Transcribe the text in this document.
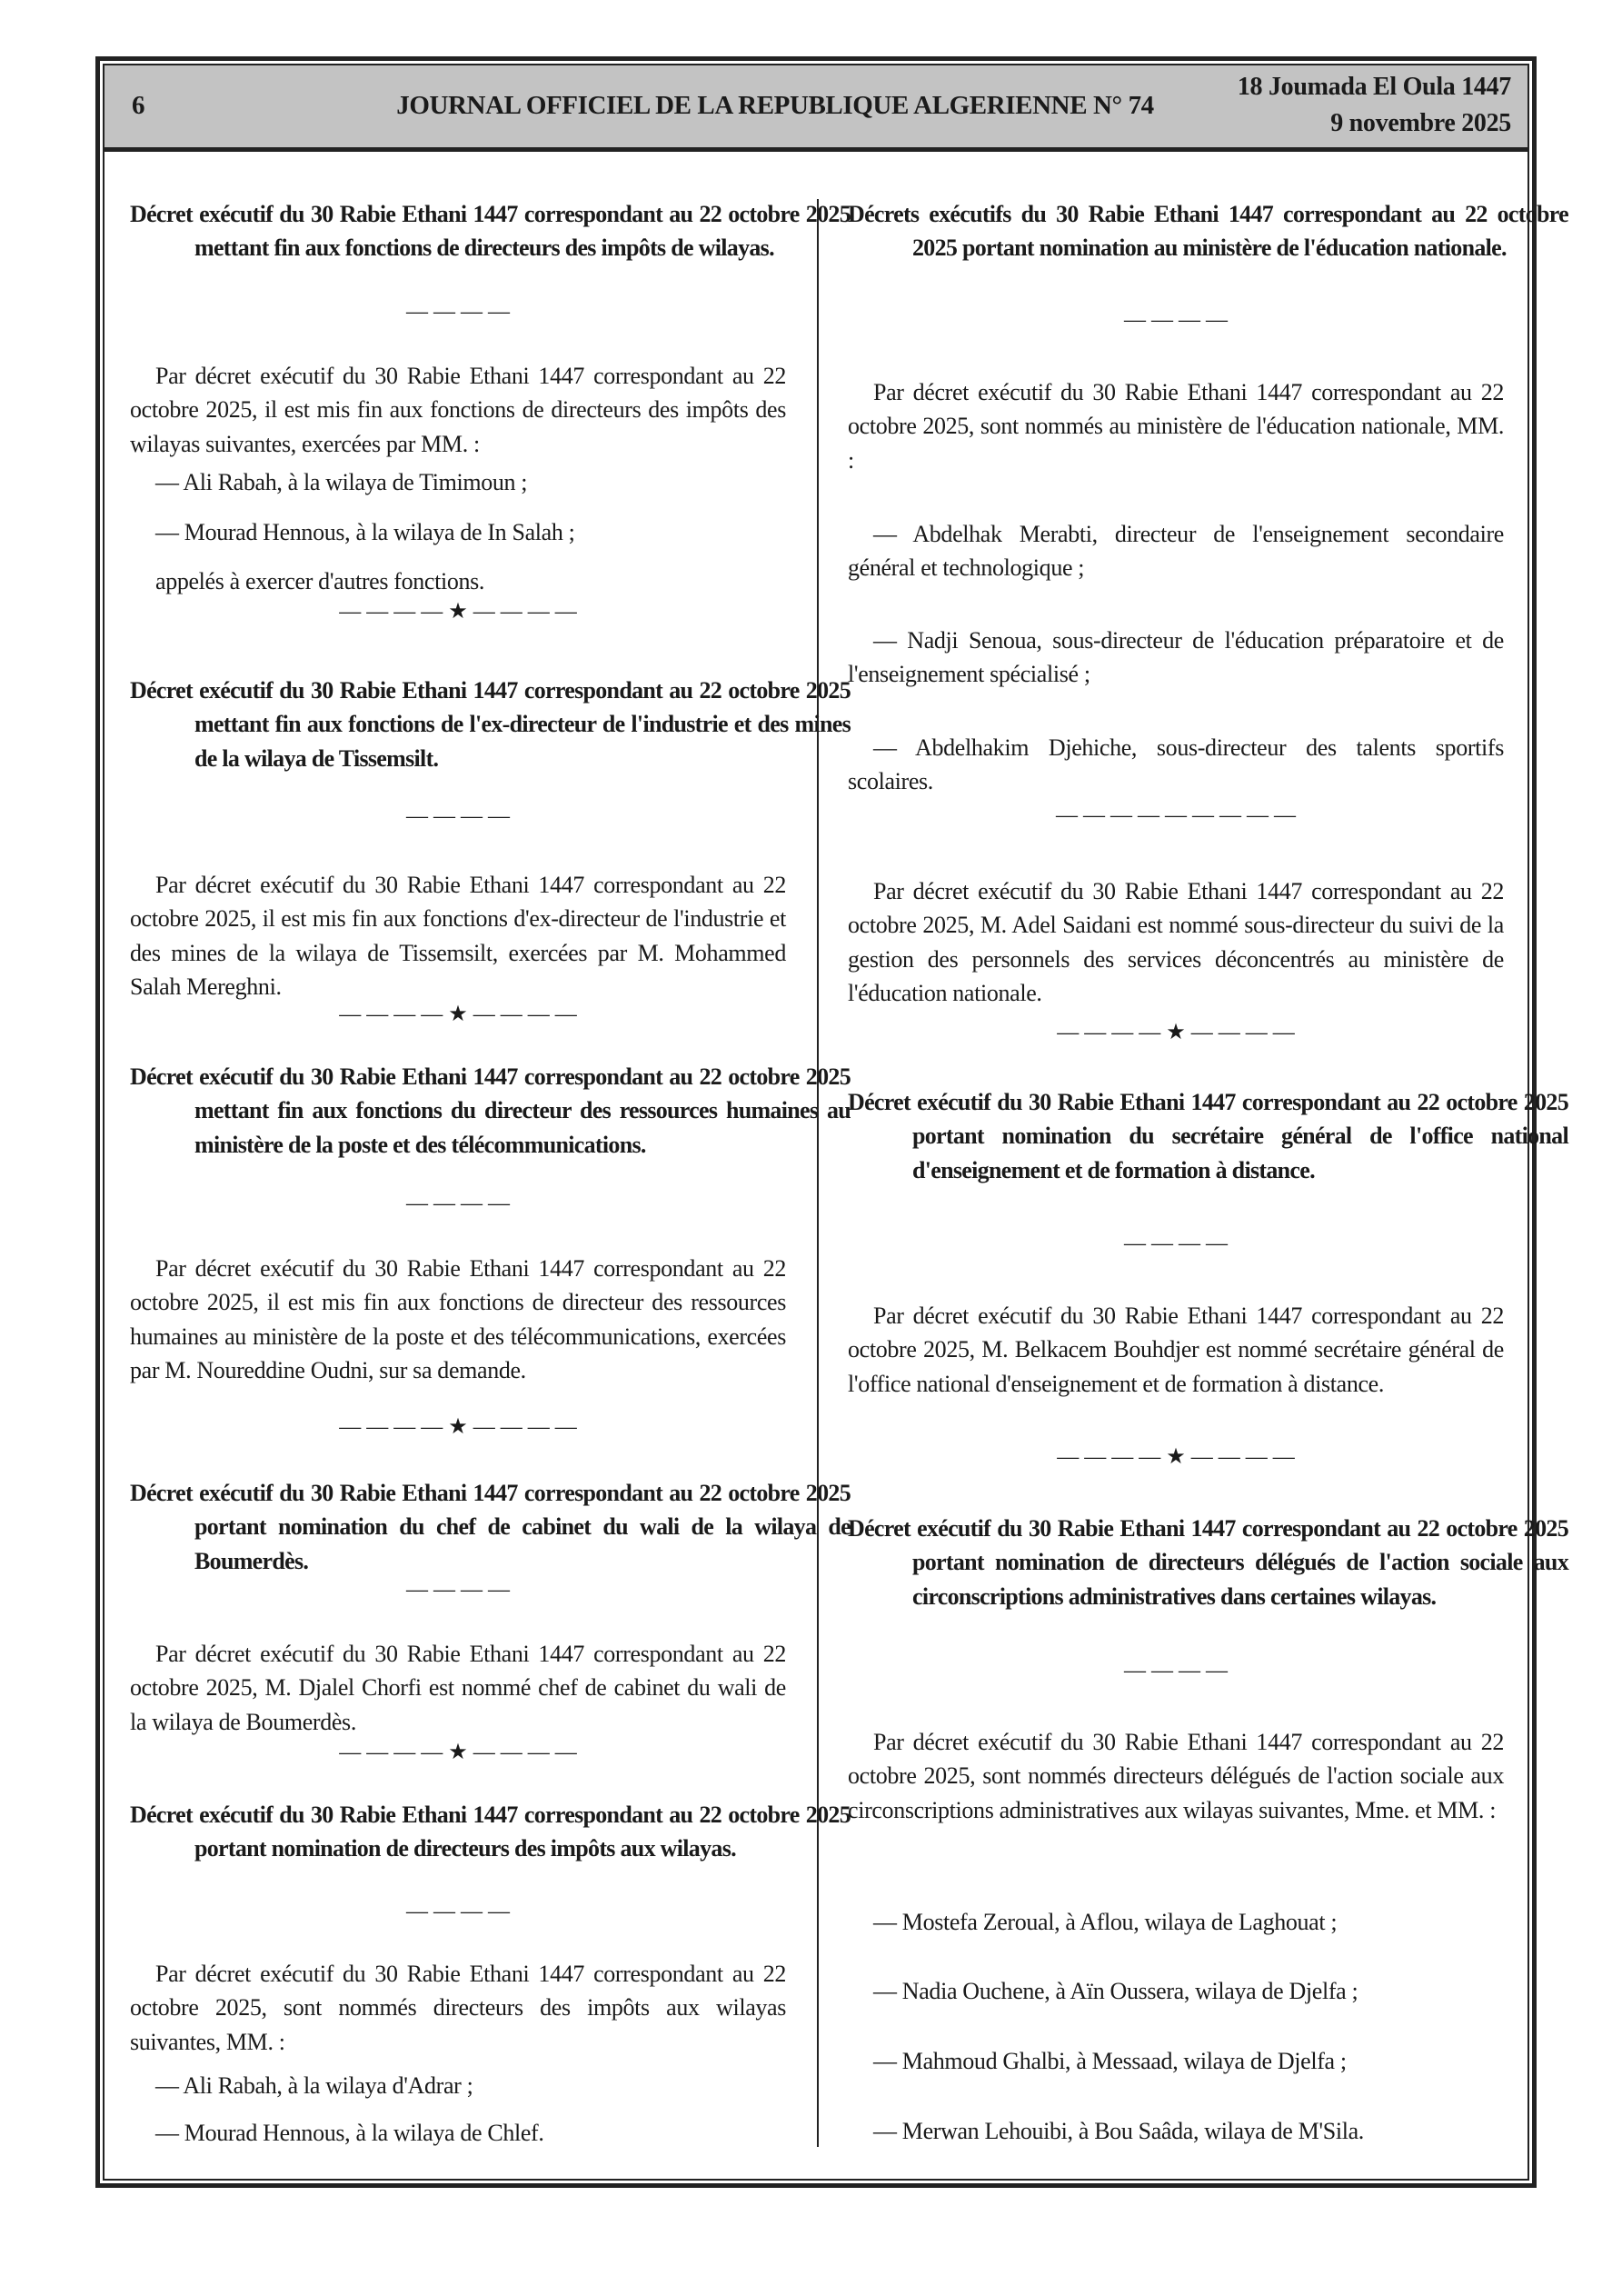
6	JOURNAL OFFICIEL DE LA REPUBLIQUE ALGERIENNE N° 74
18 Joumada El Oula 1447
9 novembre 2025
Décret exécutif du 30 Rabie Ethani 1447 correspondant au 22 octobre 2025 mettant fin aux fonctions de directeurs des impôts de wilayas.
— — — —
Par décret exécutif du 30 Rabie Ethani 1447 correspondant au 22 octobre 2025, il est mis fin aux fonctions de directeurs des impôts des wilayas suivantes, exercées par MM. :
— Ali Rabah, à la wilaya de Timimoun ;
— Mourad Hennous, à la wilaya de In Salah ;
appelés à exercer d'autres fonctions.
— — — — ★ — — — —
Décret exécutif du 30 Rabie Ethani 1447 correspondant au 22 octobre 2025 mettant fin aux fonctions de l'ex-directeur de l'industrie et des mines de la wilaya de Tissemsilt.
— — — —
Par décret exécutif du 30 Rabie Ethani 1447 correspondant au 22 octobre 2025, il est mis fin aux fonctions d'ex-directeur de l'industrie et des mines de la wilaya de Tissemsilt, exercées par M. Mohammed Salah Mereghni.
— — — — ★ — — — —
Décret exécutif du 30 Rabie Ethani 1447 correspondant au 22 octobre 2025 mettant fin aux fonctions du directeur des ressources humaines au ministère de la poste et des télécommunications.
— — — —
Par décret exécutif du 30 Rabie Ethani 1447 correspondant au 22 octobre 2025, il est mis fin aux fonctions de directeur des ressources humaines au ministère de la poste et des télécommunications, exercées par M. Noureddine Oudni, sur sa demande.
— — — — ★ — — — —
Décret exécutif du 30 Rabie Ethani 1447 correspondant au 22 octobre 2025 portant nomination du chef de cabinet du wali de la wilaya de Boumerdès.
— — — —
Par décret exécutif du 30 Rabie Ethani 1447 correspondant au 22 octobre 2025, M. Djalel Chorfi est nommé chef de cabinet du wali de la wilaya de Boumerdès.
— — — — ★ — — — —
Décret exécutif du 30 Rabie Ethani 1447 correspondant au 22 octobre 2025 portant nomination de directeurs des impôts aux wilayas.
— — — —
Par décret exécutif du 30 Rabie Ethani 1447 correspondant au 22 octobre 2025, sont nommés directeurs des impôts aux wilayas suivantes, MM. :
— Ali Rabah, à la wilaya d'Adrar ;
— Mourad Hennous, à la wilaya de Chlef.
Décrets exécutifs du 30 Rabie Ethani 1447 correspondant au 22 octobre 2025 portant nomination au ministère de l'éducation nationale.
— — — —
Par décret exécutif du 30 Rabie Ethani 1447 correspondant au 22 octobre 2025, sont nommés au ministère de l'éducation nationale, MM. :
— Abdelhak Merabti, directeur de l'enseignement secondaire général et technologique ;
— Nadji Senoua, sous-directeur de l'éducation préparatoire et de l'enseignement spécialisé ;
— Abdelhakim Djehiche, sous-directeur des talents sportifs scolaires.
— — — — — — — — —
Par décret exécutif du 30 Rabie Ethani 1447 correspondant au 22 octobre 2025, M. Adel Saidani est nommé sous-directeur du suivi de la gestion des personnels des services déconcentrés au ministère de l'éducation nationale.
— — — — ★ — — — —
Décret exécutif du 30 Rabie Ethani 1447 correspondant au 22 octobre 2025 portant nomination du secrétaire général de l'office national d'enseignement et de formation à distance.
— — — —
Par décret exécutif du 30 Rabie Ethani 1447 correspondant au 22 octobre 2025, M. Belkacem Bouhdjer est nommé secrétaire général de l'office national d'enseignement et de formation à distance.
— — — — ★ — — — —
Décret exécutif du 30 Rabie Ethani 1447 correspondant au 22 octobre 2025 portant nomination de directeurs délégués de l'action sociale aux circonscriptions administratives dans certaines wilayas.
— — — —
Par décret exécutif du 30 Rabie Ethani 1447 correspondant au 22 octobre 2025, sont nommés directeurs délégués de l'action sociale aux circonscriptions administratives aux wilayas suivantes, Mme. et MM. :
— Mostefa Zeroual, à Aflou, wilaya de Laghouat ;
— Nadia Ouchene, à Aïn Oussera, wilaya de Djelfa ;
— Mahmoud Ghalbi, à Messaad, wilaya de Djelfa ;
— Merwan Lehouibi, à Bou Saâda, wilaya de M'Sila.
